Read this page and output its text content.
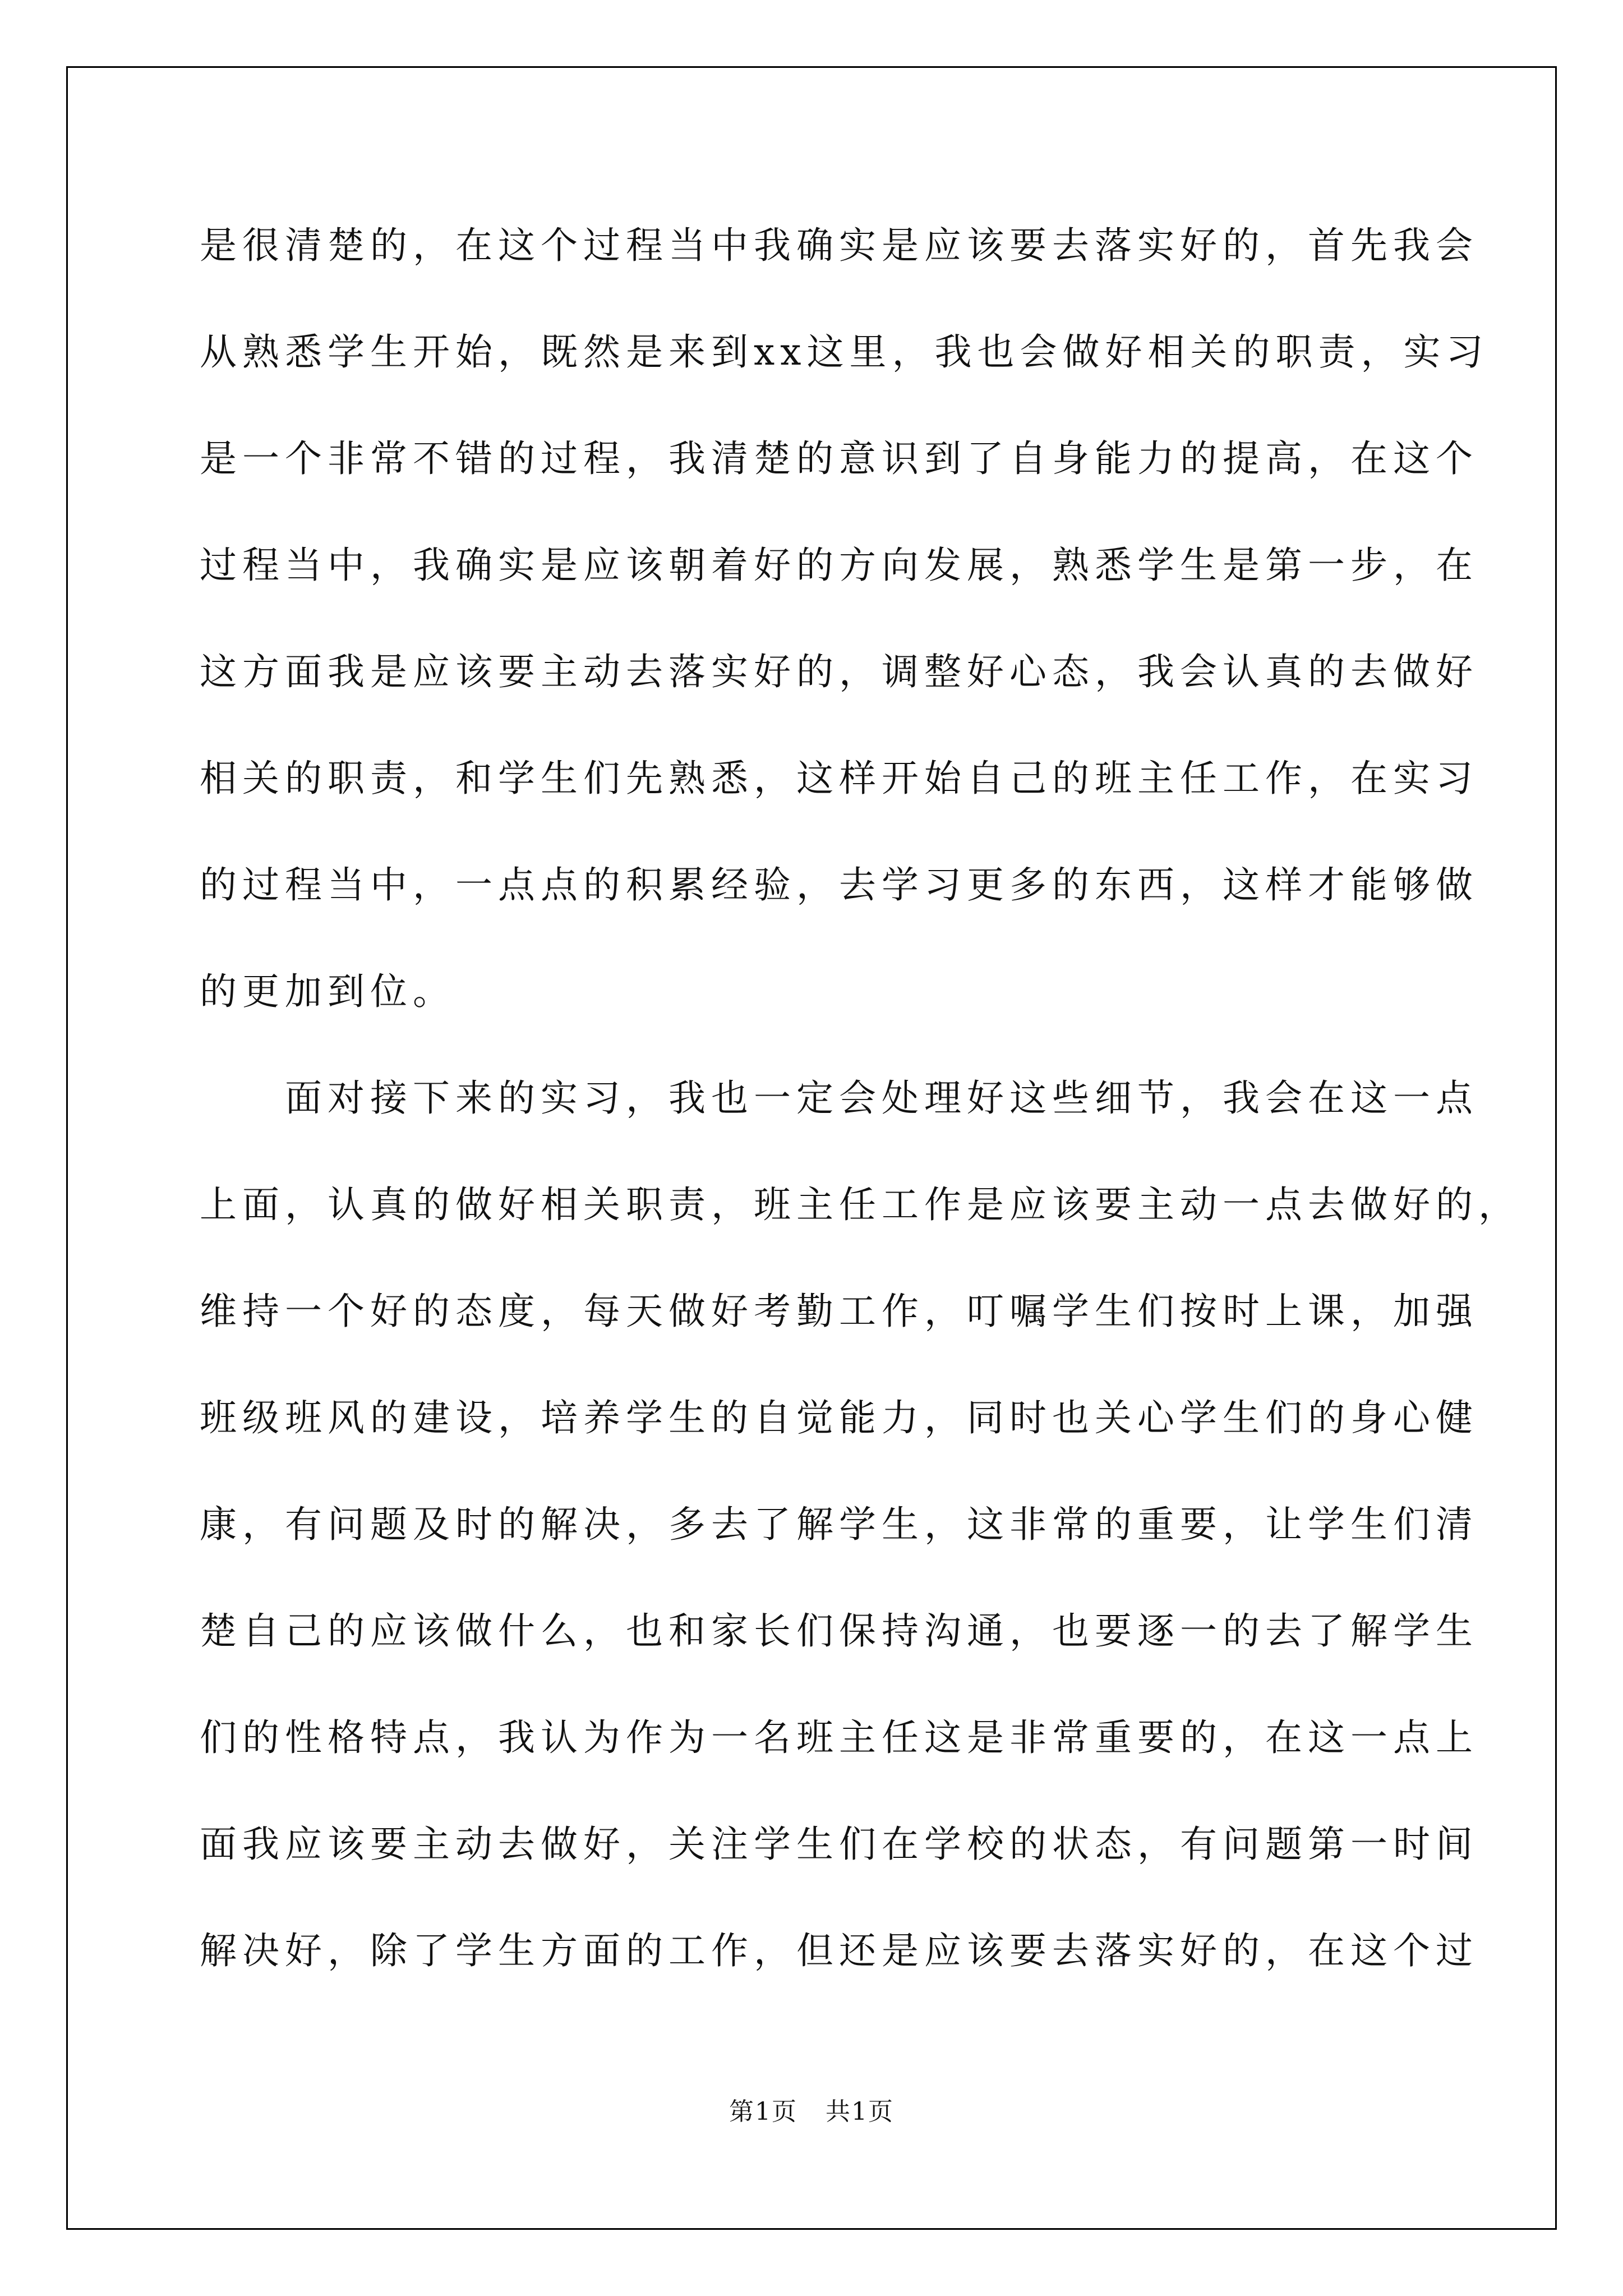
是很清楚的，在这个过程当中我确实是应该要去落实好的，首先我会
从熟悉学生开始，既然是来到xx这里，我也会做好相关的职责，实习
是一个非常不错的过程，我清楚的意识到了自身能力的提高，在这个
过程当中，我确实是应该朝着好的方向发展，熟悉学生是第一步，在
这方面我是应该要主动去落实好的，调整好心态，我会认真的去做好
相关的职责，和学生们先熟悉，这样开始自己的班主任工作，在实习
的过程当中，一点点的积累经验，去学习更多的东西，这样才能够做
的更加到位。
　　面对接下来的实习，我也一定会处理好这些细节，我会在这一点
上面，认真的做好相关职责，班主任工作是应该要主动一点去做好的，
维持一个好的态度，每天做好考勤工作，叮嘱学生们按时上课，加强
班级班风的建设，培养学生的自觉能力，同时也关心学生们的身心健
康，有问题及时的解决，多去了解学生，这非常的重要，让学生们清
楚自己的应该做什么，也和家长们保持沟通，也要逐一的去了解学生
们的性格特点，我认为作为一名班主任这是非常重要的，在这一点上
面我应该要主动去做好，关注学生们在学校的状态，有问题第一时间
解决好，除了学生方面的工作，但还是应该要去落实好的，在这个过
第1页 共1页
